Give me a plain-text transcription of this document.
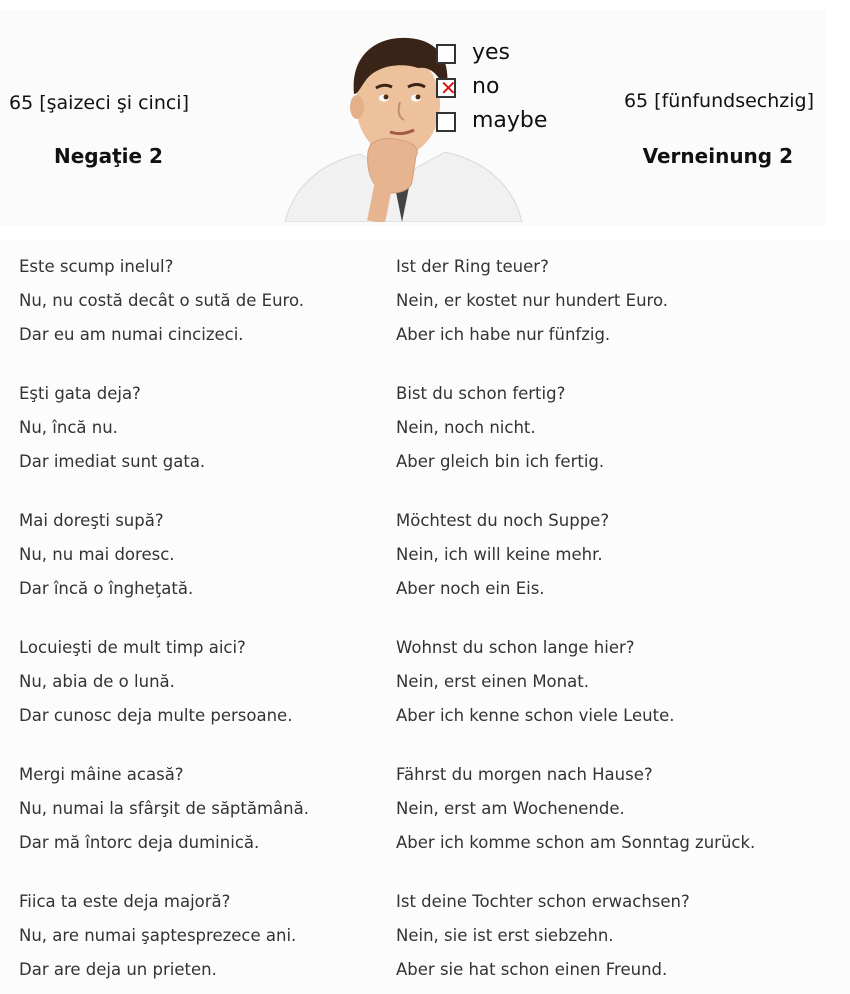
65 [şaizeci şi cinci]
Negaţie 2
65 [fünfundsechzig]
Verneinung 2
yes
✕ no
maybe
Este scump inelul?	Ist der Ring teuer?
Nu, nu costă decât o sută de Euro.	Nein, er kostet nur hundert Euro.
Dar eu am numai cincizeci.	Aber ich habe nur fünfzig.
Eşti gata deja?	Bist du schon fertig?
Nu, încă nu.	Nein, noch nicht.
Dar imediat sunt gata.	Aber gleich bin ich fertig.
Mai doreşti supă?	Möchtest du noch Suppe?
Nu, nu mai doresc.	Nein, ich will keine mehr.
Dar încă o îngheţată.	Aber noch ein Eis.
Locuieşti de mult timp aici?	Wohnst du schon lange hier?
Nu, abia de o lună.	Nein, erst einen Monat.
Dar cunosc deja multe persoane.	Aber ich kenne schon viele Leute.
Mergi mâine acasă?	Fährst du morgen nach Hause?
Nu, numai la sfârşit de săptămână.	Nein, erst am Wochenende.
Dar mă întorc deja duminică.	Aber ich komme schon am Sonntag zurück.
Fiica ta este deja majoră?	Ist deine Tochter schon erwachsen?
Nu, are numai şaptesprezece ani.	Nein, sie ist erst siebzehn.
Dar are deja un prieten.	Aber sie hat schon einen Freund.
